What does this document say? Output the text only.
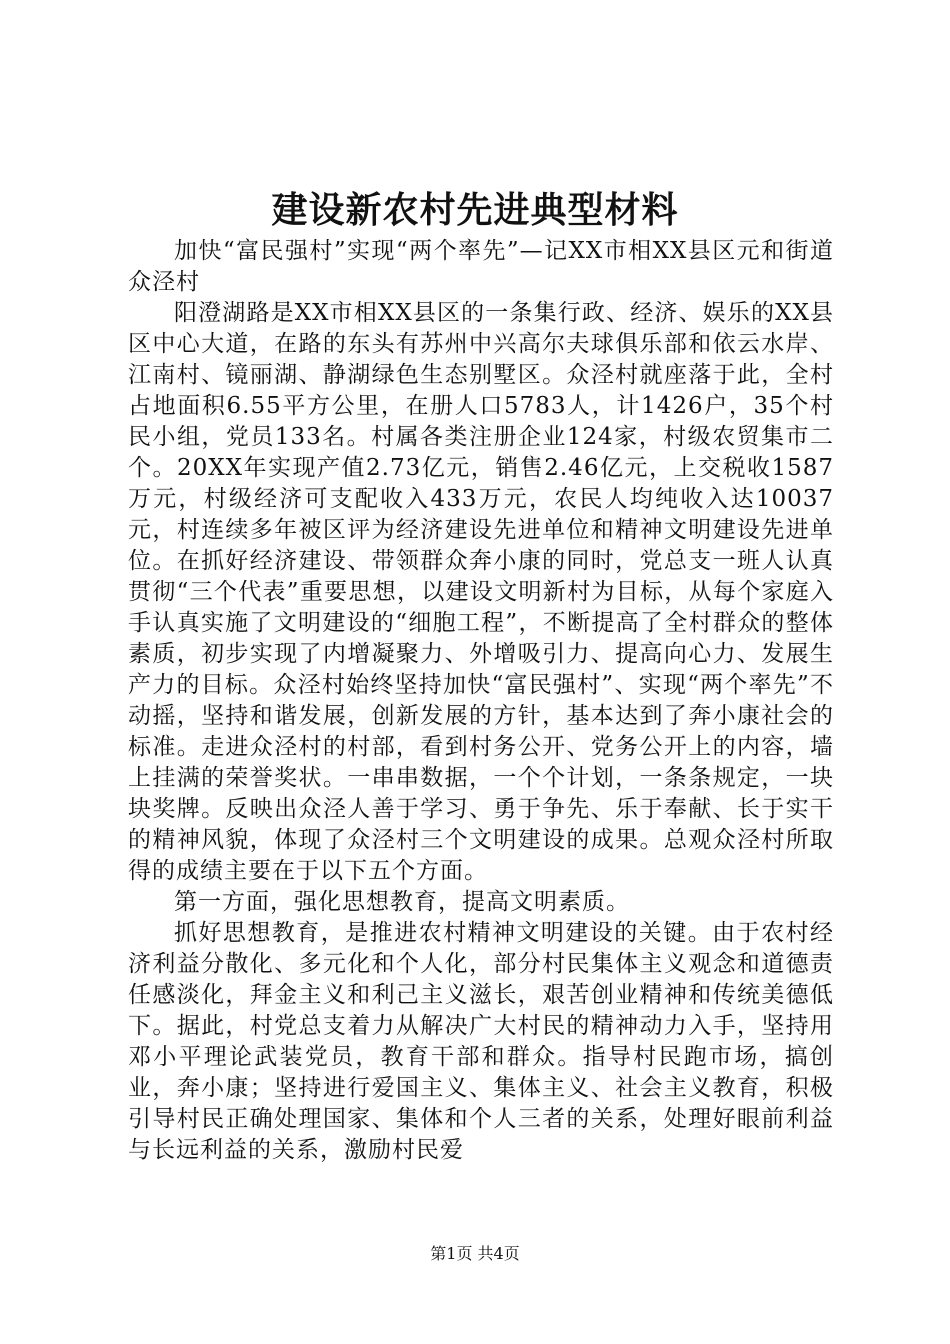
建设新农村先进典型材料

加快“富民强村”实现“两个率先”—记XX市相XX县区元和街道众泾村

阳澄湖路是XX市相XX县区的一条集行政、经济、娱乐的XX县区中心大道，在路的东头有苏州中兴高尔夫球俱乐部和依云水岸、江南村、镜丽湖、静湖绿色生态别墅区。众泾村就座落于此，全村占地面积6.55平方公里，在册人口5783人，计1426户，35个村民小组，党员133名。村属各类注册企业124家，村级农贸集市二个。20XX年实现产值2.73亿元，销售2.46亿元，上交税收1587万元，村级经济可支配收入433万元，农民人均纯收入达10037元，村连续多年被区评为经济建设先进单位和精神文明建设先进单位。在抓好经济建设、带领群众奔小康的同时，党总支一班人认真贯彻“三个代表”重要思想，以建设文明新村为目标，从每个家庭入手认真实施了文明建设的“细胞工程”，不断提高了全村群众的整体素质，初步实现了内增凝聚力、外增吸引力、提高向心力、发展生产力的目标。众泾村始终坚持加快“富民强村”、实现“两个率先”不动摇，坚持和谐发展，创新发展的方针，基本达到了奔小康社会的标准。走进众泾村的村部，看到村务公开、党务公开上的内容，墙上挂满的荣誉奖状。一串串数据，一个个计划，一条条规定，一块块奖牌。反映出众泾人善于学习、勇于争先、乐于奉献、长于实干的精神风貌，体现了众泾村三个文明建设的成果。总观众泾村所取得的成绩主要在于以下五个方面。

第一方面，强化思想教育，提高文明素质。

抓好思想教育，是推进农村精神文明建设的关键。由于农村经济利益分散化、多元化和个人化，部分村民集体主义观念和道德责任感淡化，拜金主义和利己主义滋长，艰苦创业精神和传统美德低下。据此，村党总支着力从解决广大村民的精神动力入手，坚持用邓小平理论武装党员，教育干部和群众。指导村民跑市场，搞创业，奔小康；坚持进行爱国主义、集体主义、社会主义教育，积极引导村民正确处理国家、集体和个人三者的关系，处理好眼前利益与长远利益的关系，激励村民爱

第1页 共4页
